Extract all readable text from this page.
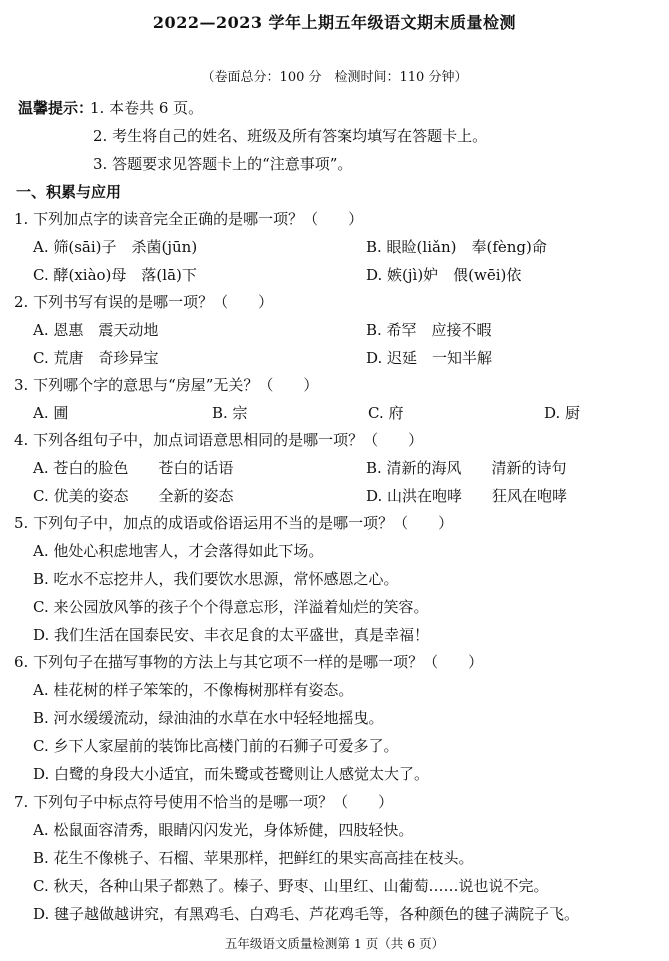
2022—2023 学年上期五年级语文期末质量检测
（卷面总分：100 分　检测时间：110 分钟）
温馨提示：
1. 本卷共 6 页。
2. 考生将自己的姓名、班级及所有答案均填写在答题卡上。
3. 答题要求见答题卡上的“注意事项”。
一、积累与应用
1. 下列加点字的读音完全正确的是哪一项？（　　）
A. 筛(sāi)子　杀菌(jūn)	B. 眼睑(liǎn)　奉(fèng)命
C. 酵(xiào)母　落(lā)下	D. 嫉(jì)妒　偎(wēi)依
2. 下列书写有误的是哪一项？（　　）
A. 恩惠　震天动地	B. 希罕　应接不暇
C. 荒唐　奇珍异宝	D. 迟延　一知半解
3. 下列哪个字的意思与“房屋”无关？（　　）
A. 圃	B. 宗	C. 府	D. 厨
4. 下列各组句子中，加点词语意思相同的是哪一项？（　　）
A. 苍白的脸色　　苍白的话语	B. 清新的海风　　清新的诗句
C. 优美的姿态　　全新的姿态	D. 山洪在咆哮　　狂风在咆哮
5. 下列句子中，加点的成语或俗语运用不当的是哪一项？（　　）
A. 他处心积虑地害人，才会落得如此下场。
B. 吃水不忘挖井人，我们要饮水思源，常怀感恩之心。
C. 来公园放风筝的孩子个个得意忘形，洋溢着灿烂的笑容。
D. 我们生活在国泰民安、丰衣足食的太平盛世，真是幸福！
6. 下列句子在描写事物的方法上与其它项不一样的是哪一项？（　　）
A. 桂花树的样子笨笨的，不像梅树那样有姿态。
B. 河水缓缓流动，绿油油的水草在水中轻轻地摇曳。
C. 乡下人家屋前的装饰比高楼门前的石狮子可爱多了。
D. 白鹭的身段大小适宜，而朱鹭或苍鹭则让人感觉太大了。
7. 下列句子中标点符号使用不恰当的是哪一项？（　　）
A. 松鼠面容清秀，眼睛闪闪发光，身体矫健，四肢轻快。
B. 花生不像桃子、石榴、苹果那样，把鲜红的果实高高挂在枝头。
C. 秋天，各种山果子都熟了。榛子、野枣、山里红、山葡萄……说也说不完。
D. 毽子越做越讲究，有黑鸡毛、白鸡毛、芦花鸡毛等，各种颜色的毽子满院子飞。
五年级语文质量检测第 1 页（共 6 页）
